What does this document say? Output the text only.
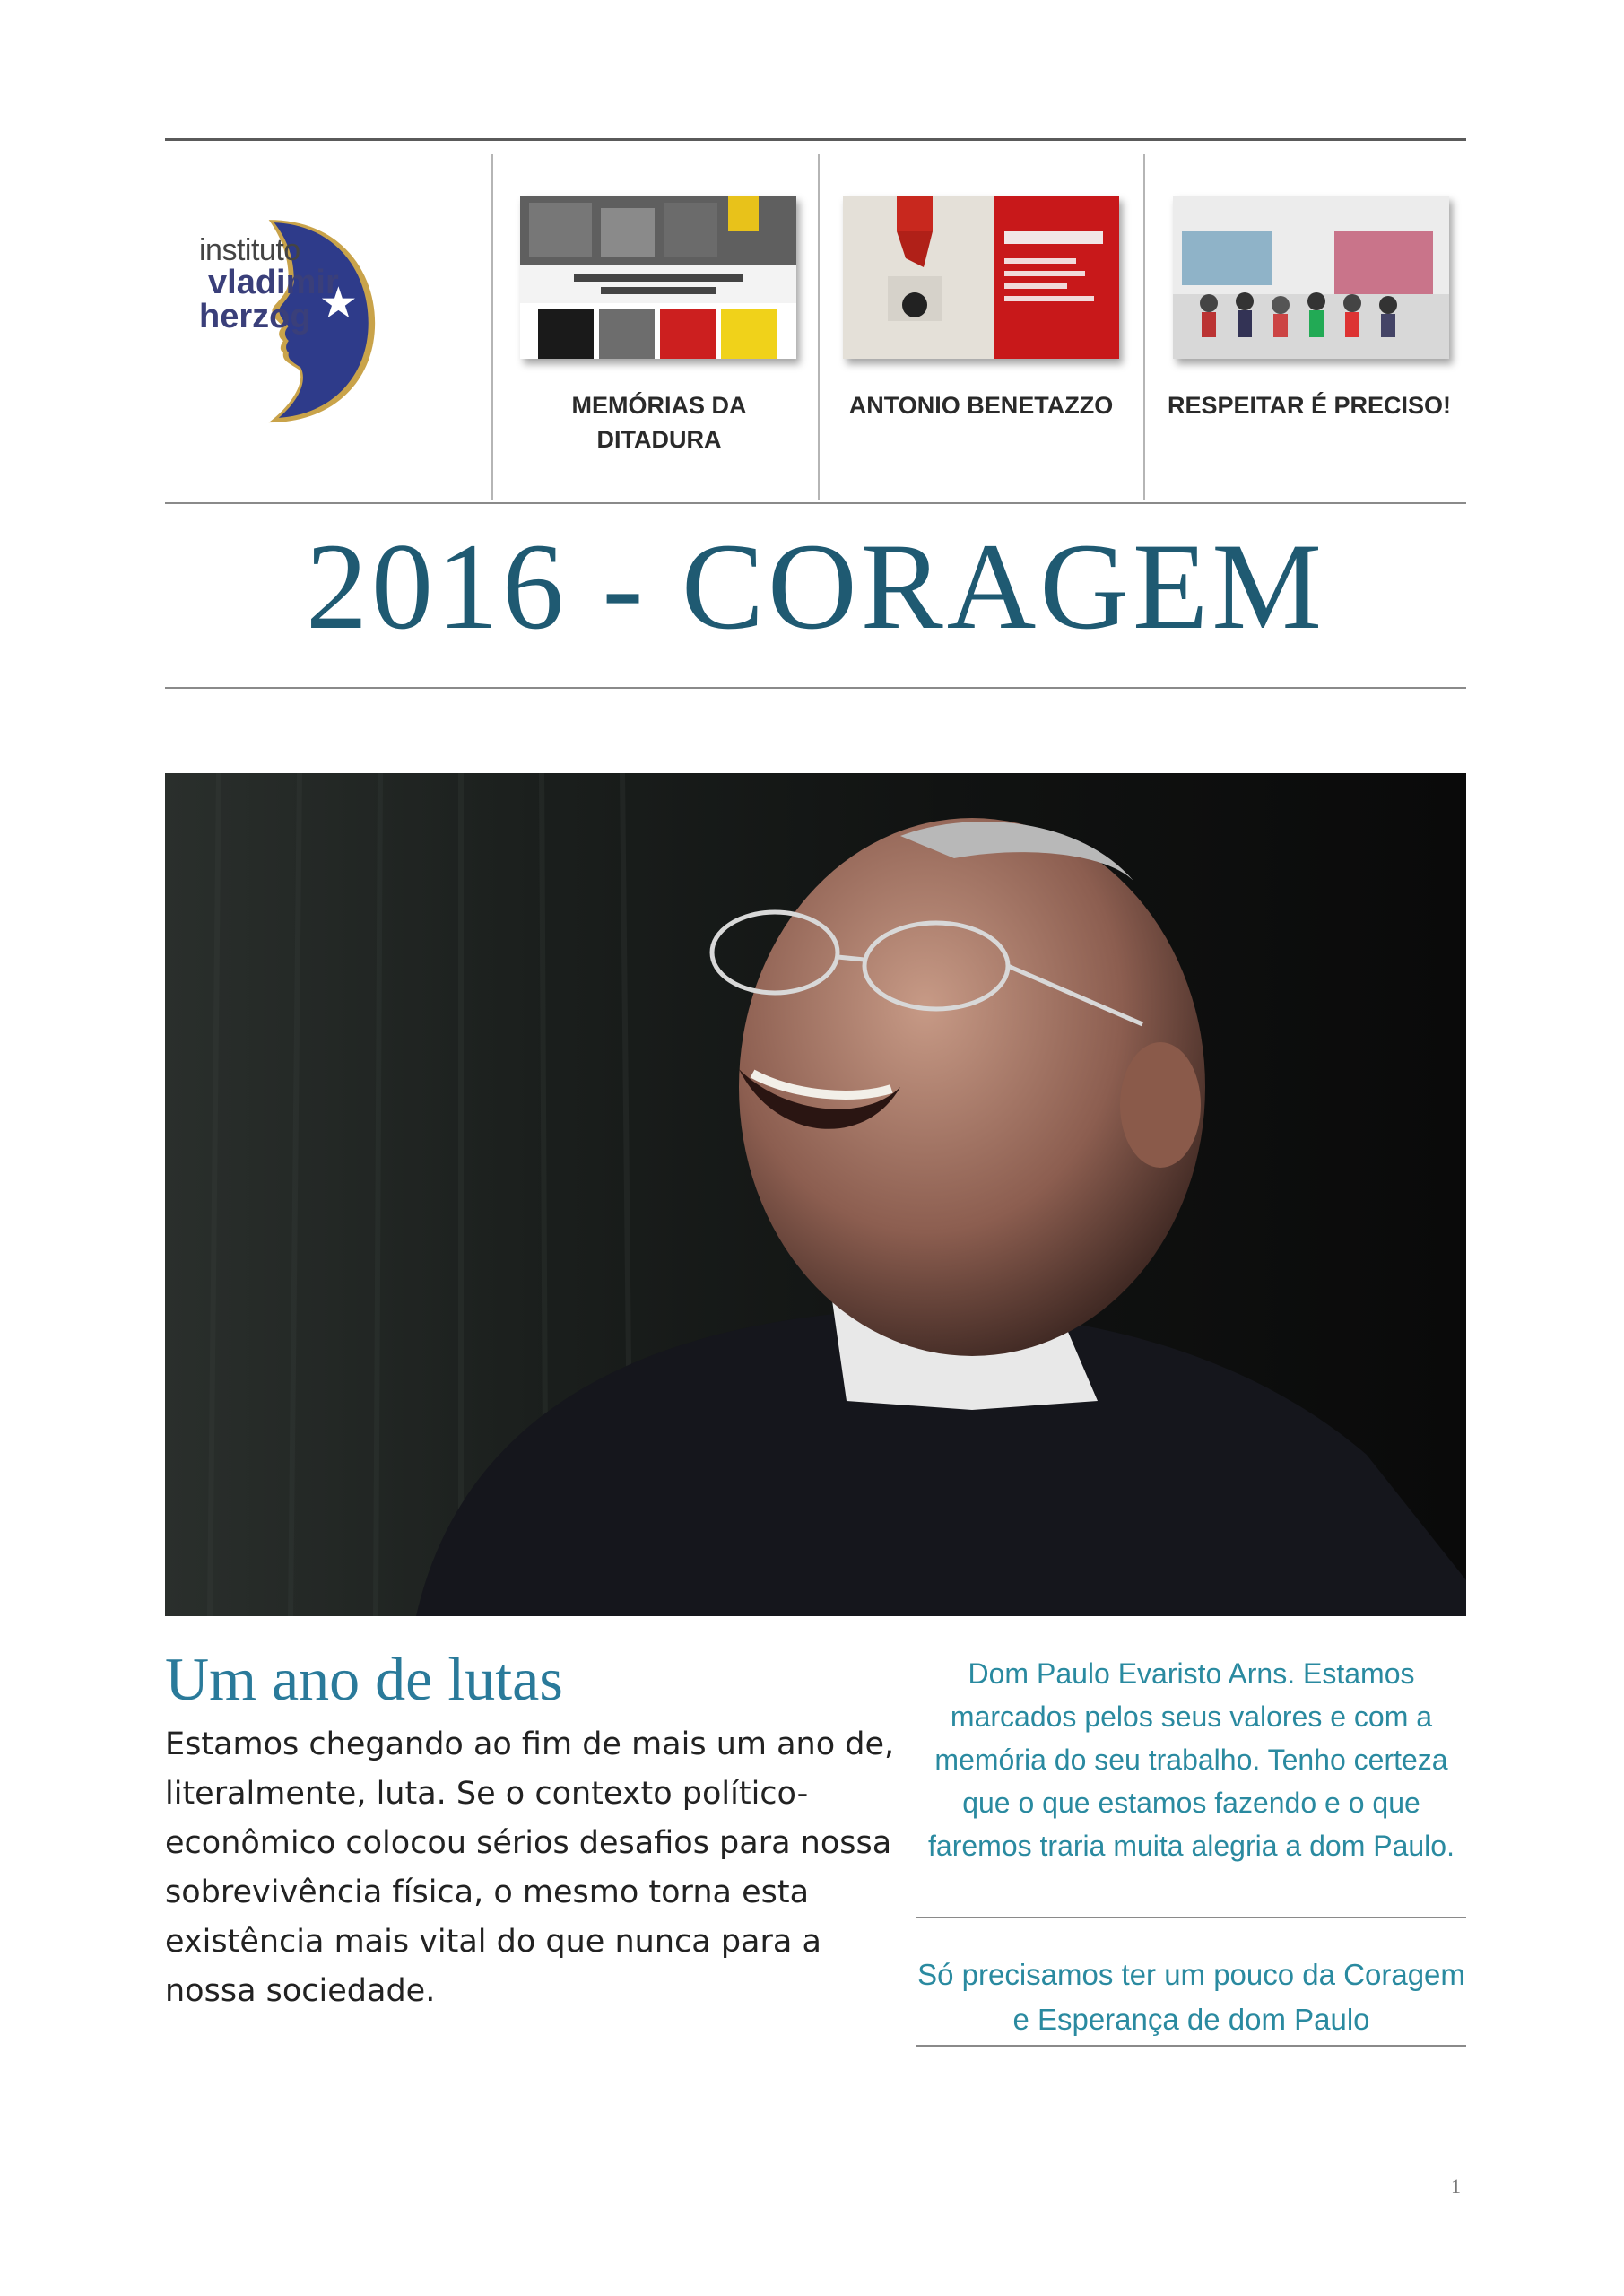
instituto
vladimir
herzog
MEMÓRIAS DA DITADURA
ANTONIO BENETAZZO	RESPEITAR É PRECISO!
2016 - CORAGEM
Um ano de lutas
Estamos chegando ao fim de mais um ano de, literalmente, luta. Se o contexto político-econômico colocou sérios desafios para nossa sobrevivência física, o mesmo torna esta existência mais vital do que nunca para a nossa sociedade.
Dom Paulo Evaristo Arns. Estamos marcados pelos seus valores e com a memória do seu trabalho. Tenho certeza que o que estamos fazendo e o que faremos traria muita alegria a dom Paulo.
Só precisamos ter um pouco da Coragem e Esperança de dom Paulo
1
